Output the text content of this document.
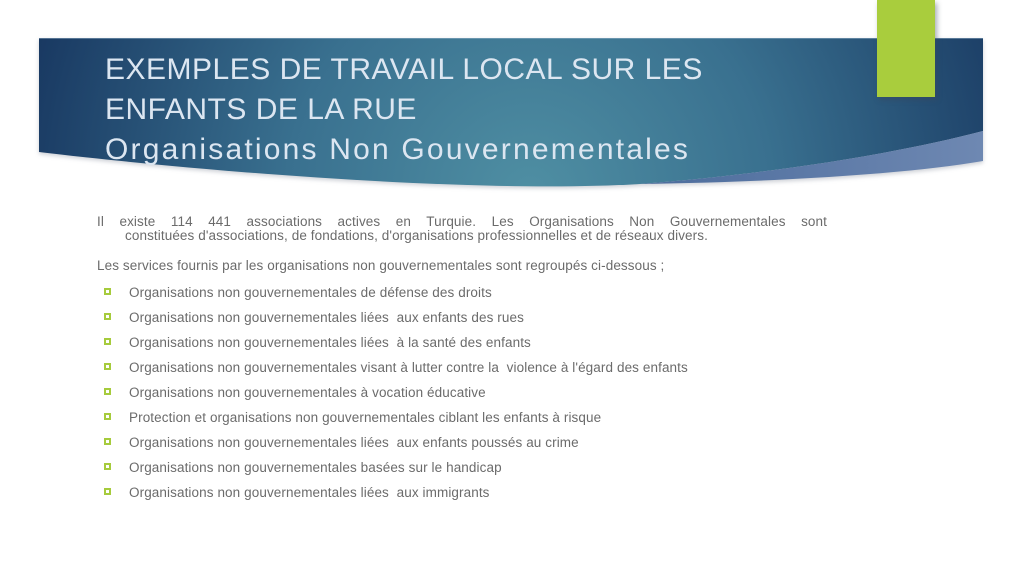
EXEMPLES DE TRAVAIL LOCAL SUR LES
ENFANTS DE LA RUE
Organisations Non Gouvernementales
Il existe 114 441 associations actives en Turquie. Les Organisations Non Gouvernementales sont
constituées d'associations, de fondations, d'organisations professionnelles et de réseaux divers.
Les services fournis par les organisations non gouvernementales sont regroupés ci-dessous ;
Organisations non gouvernementales de défense des droits
Organisations non gouvernementales liées  aux enfants des rues
Organisations non gouvernementales liées  à la santé des enfants
Organisations non gouvernementales visant à lutter contre la  violence à l'égard des enfants
Organisations non gouvernementales à vocation éducative
Protection et organisations non gouvernementales ciblant les enfants à risque
Organisations non gouvernementales liées  aux enfants poussés au crime
Organisations non gouvernementales basées sur le handicap
Organisations non gouvernementales liées  aux immigrants
